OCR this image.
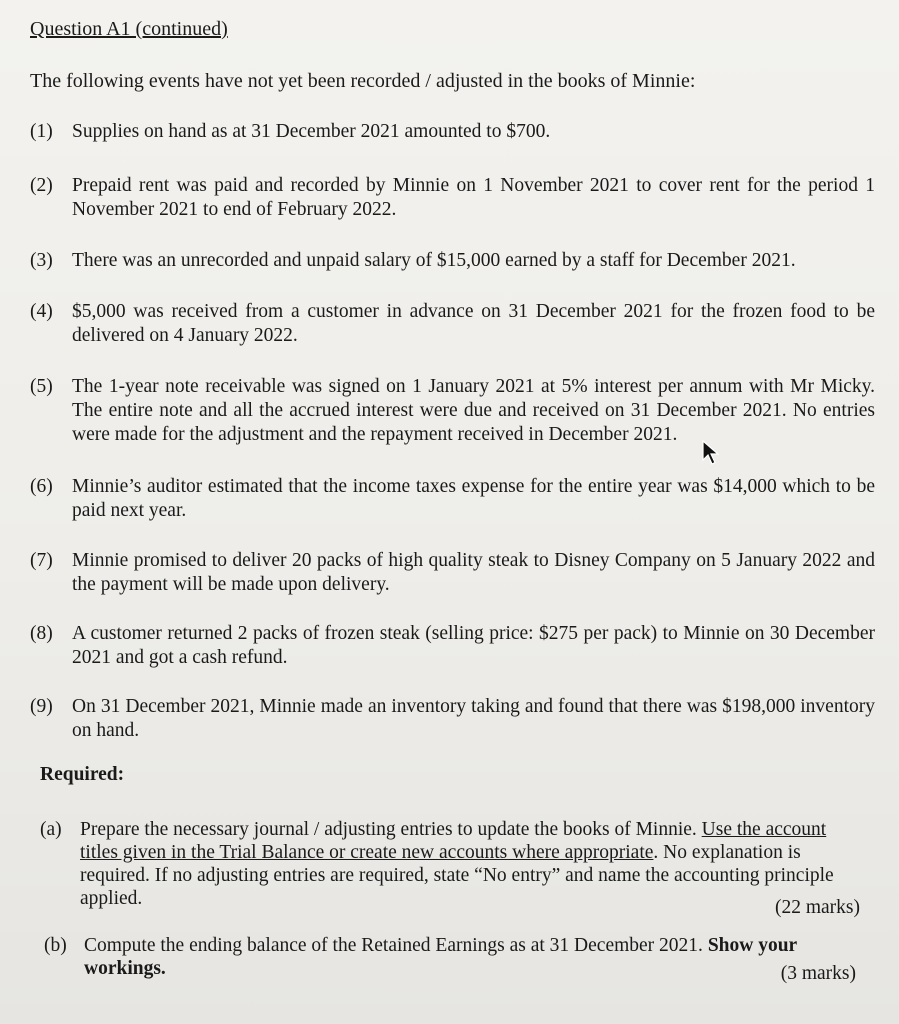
Question A1 (continued)
The following events have not yet been recorded / adjusted in the books of Minnie:
(1) Supplies on hand as at 31 December 2021 amounted to $700.
(2) Prepaid rent was paid and recorded by Minnie on 1 November 2021 to cover rent for the period 1 November 2021 to end of February 2022.
(3) There was an unrecorded and unpaid salary of $15,000 earned by a staff for December 2021.
(4) $5,000 was received from a customer in advance on 31 December 2021 for the frozen food to be delivered on 4 January 2022.
(5) The 1-year note receivable was signed on 1 January 2021 at 5% interest per annum with Mr Micky. The entire note and all the accrued interest were due and received on 31 December 2021. No entries were made for the adjustment and the repayment received in December 2021.
(6) Minnie’s auditor estimated that the income taxes expense for the entire year was $14,000 which to be paid next year.
(7) Minnie promised to deliver 20 packs of high quality steak to Disney Company on 5 January 2022 and the payment will be made upon delivery.
(8) A customer returned 2 packs of frozen steak (selling price: $275 per pack) to Minnie on 30 December 2021 and got a cash refund.
(9) On 31 December 2021, Minnie made an inventory taking and found that there was $198,000 inventory on hand.
Required:
(a) Prepare the necessary journal / adjusting entries to update the books of Minnie. Use the account titles given in the Trial Balance or create new accounts where appropriate. No explanation is required. If no adjusting entries are required, state “No entry” and name the accounting principle applied.	(22 marks)
(b) Compute the ending balance of the Retained Earnings as at 31 December 2021. Show your workings.	(3 marks)
